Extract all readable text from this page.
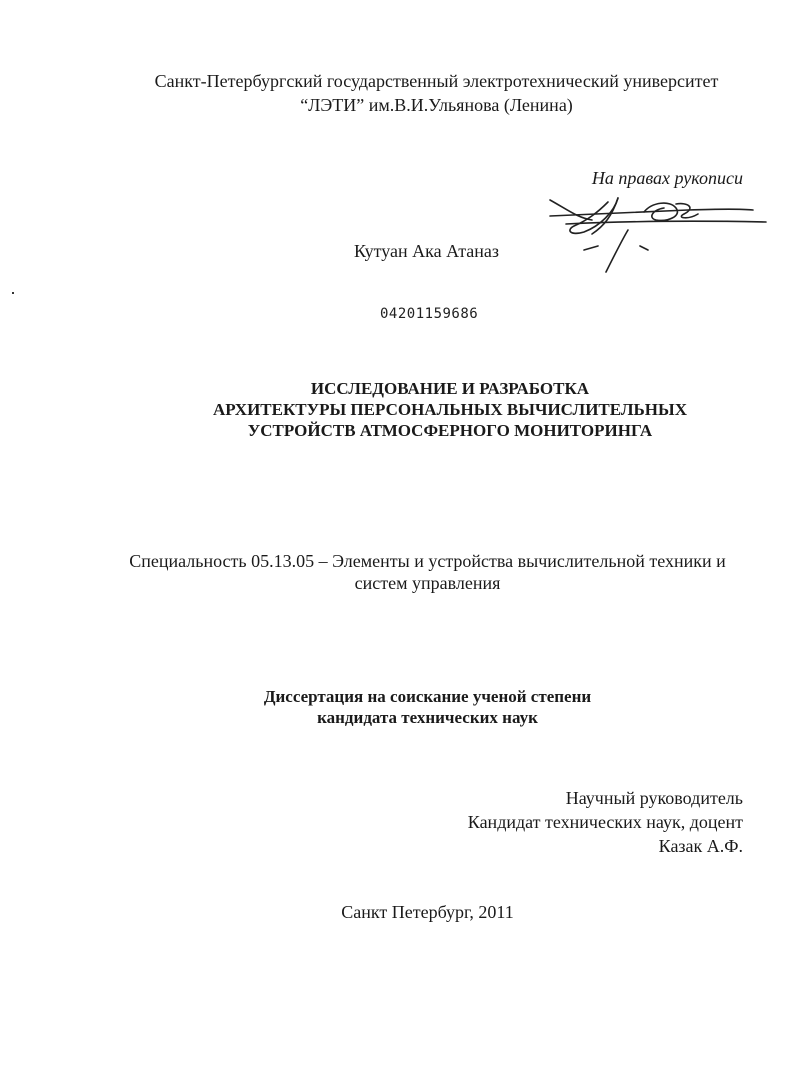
Санкт-Петербургский государственный электротехнический университет
“ЛЭТИ” им.В.И.Ульянова (Ленина)
На правах рукописи
Кутуан Ака Атаназ
04201159686
ИССЛЕДОВАНИЕ И РАЗРАБОТКА
АРХИТЕКТУРЫ ПЕРСОНАЛЬНЫХ ВЫЧИСЛИТЕЛЬНЫХ
УСТРОЙСТВ АТМОСФЕРНОГО МОНИТОРИНГА
Специальность 05.13.05 – Элементы и устройства вычислительной техники и
систем управления
Диссертация на соискание ученой степени
кандидата технических наук
Научный руководитель
Кандидат технических наук, доцент
Казак А.Ф.
Санкт Петербург, 2011
